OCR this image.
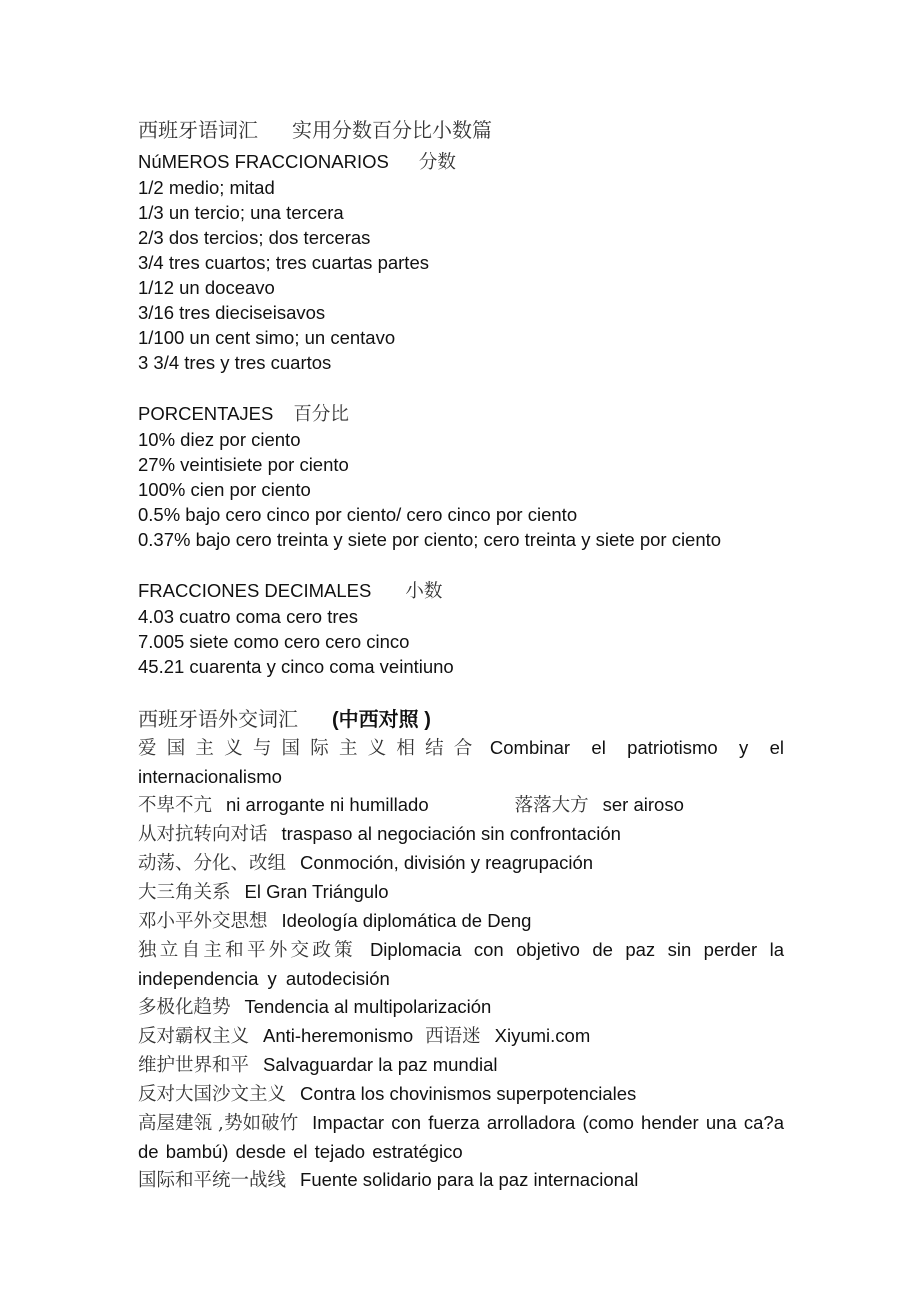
西班牙语词汇 实用分数百分比小数篇
NúMEROS FRACCIONARIOS 分数
1/2 medio; mitad
1/3 un tercio; una tercera
2/3 dos tercios; dos terceras
3/4 tres cuartos; tres cuartas partes
1/12 un doceavo
3/16 tres dieciseisavos
1/100 un cent simo; un centavo
3 3/4 tres y tres cuartos
PORCENTAJES 百分比
10% diez por ciento
27% veintisiete por ciento
100% cien por ciento
0.5% bajo cero cinco por ciento/ cero cinco por ciento
0.37% bajo cero treinta y siete por ciento; cero treinta y siete por ciento
FRACCIONES DECIMALES 小数
4.03 cuatro coma cero tres
7.005 siete como cero cero cinco
45.21 cuarenta y cinco coma veintiuno
西班牙语外交词汇 (中西对照 )
爱国主义与国际主义相结合 Combinar el patriotismo y el internacionalismo
不卑不亢 ni arrogante ni humillado	落落大方 ser airoso
从对抗转向对话 traspaso al negociación sin confrontación
动荡、分化、改组 Conmoción, división y reagrupación
大三角关系 El Gran Triángulo
邓小平外交思想 Ideología diplomática de Deng
独立自主和平外交政策 Diplomacia con objetivo de paz sin perder la independencia y autodecisión
多极化趋势 Tendencia al multipolarización
反对霸权主义 Anti-heremonismo 西语迷 Xiyumi.com
维护世界和平 Salvaguardar la paz mundial
反对大国沙文主义 Contra los chovinismos superpotenciales
高屋建瓴 ,势如破竹 Impactar con fuerza arrolladora (como hender una ca?a de bambú) desde el tejado estratégico
国际和平统一战线 Fuente solidario para la paz internacional
